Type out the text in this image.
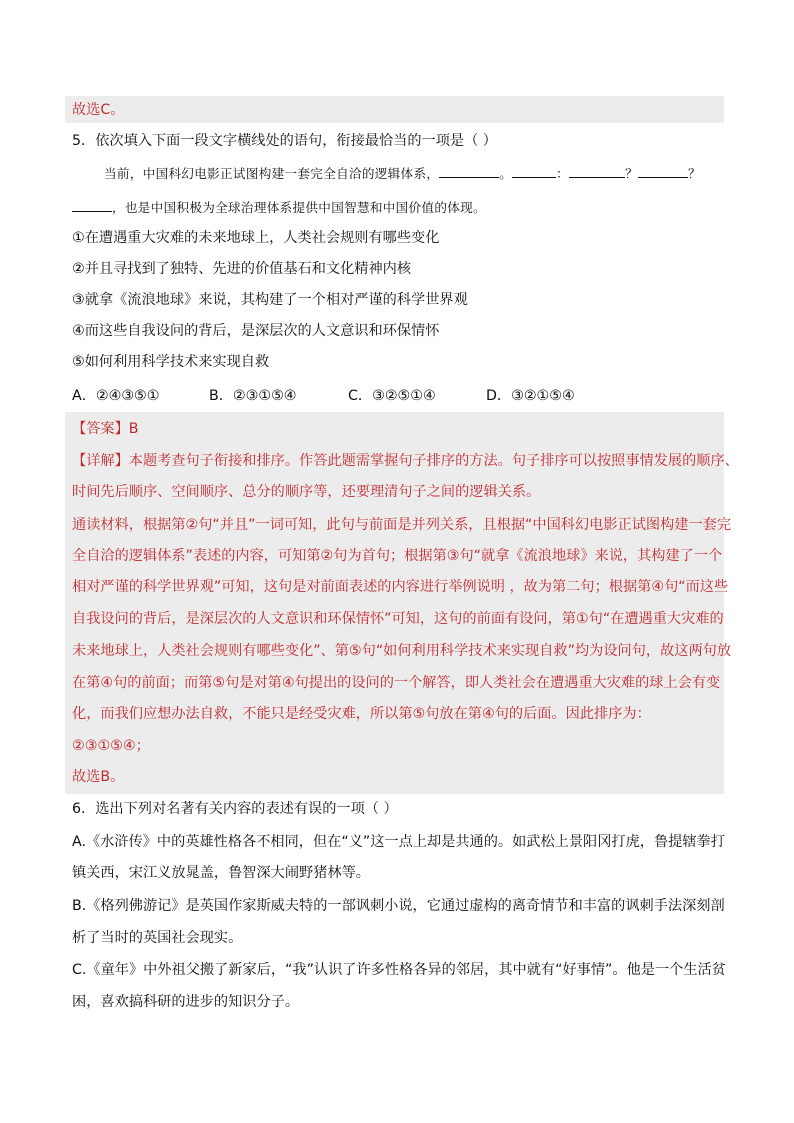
故选C。
5．依次填入下面一段文字横线处的语句，衔接最恰当的一项是（ ）
当前，中国科幻电影正试图构建一套完全自洽的逻辑体系，	。	：	？	？
，也是中国积极为全球治理体系提供中国智慧和中国价值的体现。
①在遭遇重大灾难的未来地球上，人类社会规则有哪些变化
②并且寻找到了独特、先进的价值基石和文化精神内核
③就拿《流浪地球》来说，其构建了一个相对严谨的科学世界观
④而这些自我设问的背后，是深层次的人文意识和环保情怀
⑤如何利用科学技术来实现自救
A．②④③⑤①	B．②③①⑤④	C．③②⑤①④	D．③②①⑤④
【答案】B
【详解】本题考查句子衔接和排序。作答此题需掌握句子排序的方法。句子排序可以按照事情发展的顺序、
时间先后顺序、空间顺序、总分的顺序等，还要理清句子之间的逻辑关系。
通读材料，根据第②句“并且”一词可知，此句与前面是并列关系，且根据“中国科幻电影正试图构建一套完
全自洽的逻辑体系”表述的内容，可知第②句为首句；根据第③句“就拿《流浪地球》来说，其构建了一个
相对严谨的科学世界观”可知，这句是对前面表述的内容进行举例说明 ，故为第二句；根据第④句“而这些
自我设问的背后，是深层次的人文意识和环保情怀”可知，这句的前面有设问，第①句“在遭遇重大灾难的
未来地球上，人类社会规则有哪些变化”、第⑤句“如何利用科学技术来实现自救”均为设问句，故这两句放
在第④句的前面；而第⑤句是对第④句提出的设问的一个解答，即人类社会在遭遇重大灾难的球上会有变
化，而我们应想办法自救，不能只是经受灾难，所以第⑤句放在第④句的后面。因此排序为：
②③①⑤④；
故选B。
6．选出下列对名著有关内容的表述有误的一项（ ）
A.《水浒传》中的英雄性格各不相同，但在“义”这一点上却是共通的。如武松上景阳冈打虎，鲁提辖拳打
镇关西，宋江义放晁盖，鲁智深大闹野猪林等。
B.《格列佛游记》是英国作家斯威夫特的一部讽刺小说，它通过虚构的离奇情节和丰富的讽刺手法深刻剖
析了当时的英国社会现实。
C.《童年》中外祖父搬了新家后，“我”认识了许多性格各异的邻居，其中就有“好事情”。他是一个生活贫
困，喜欢搞科研的进步的知识分子。
